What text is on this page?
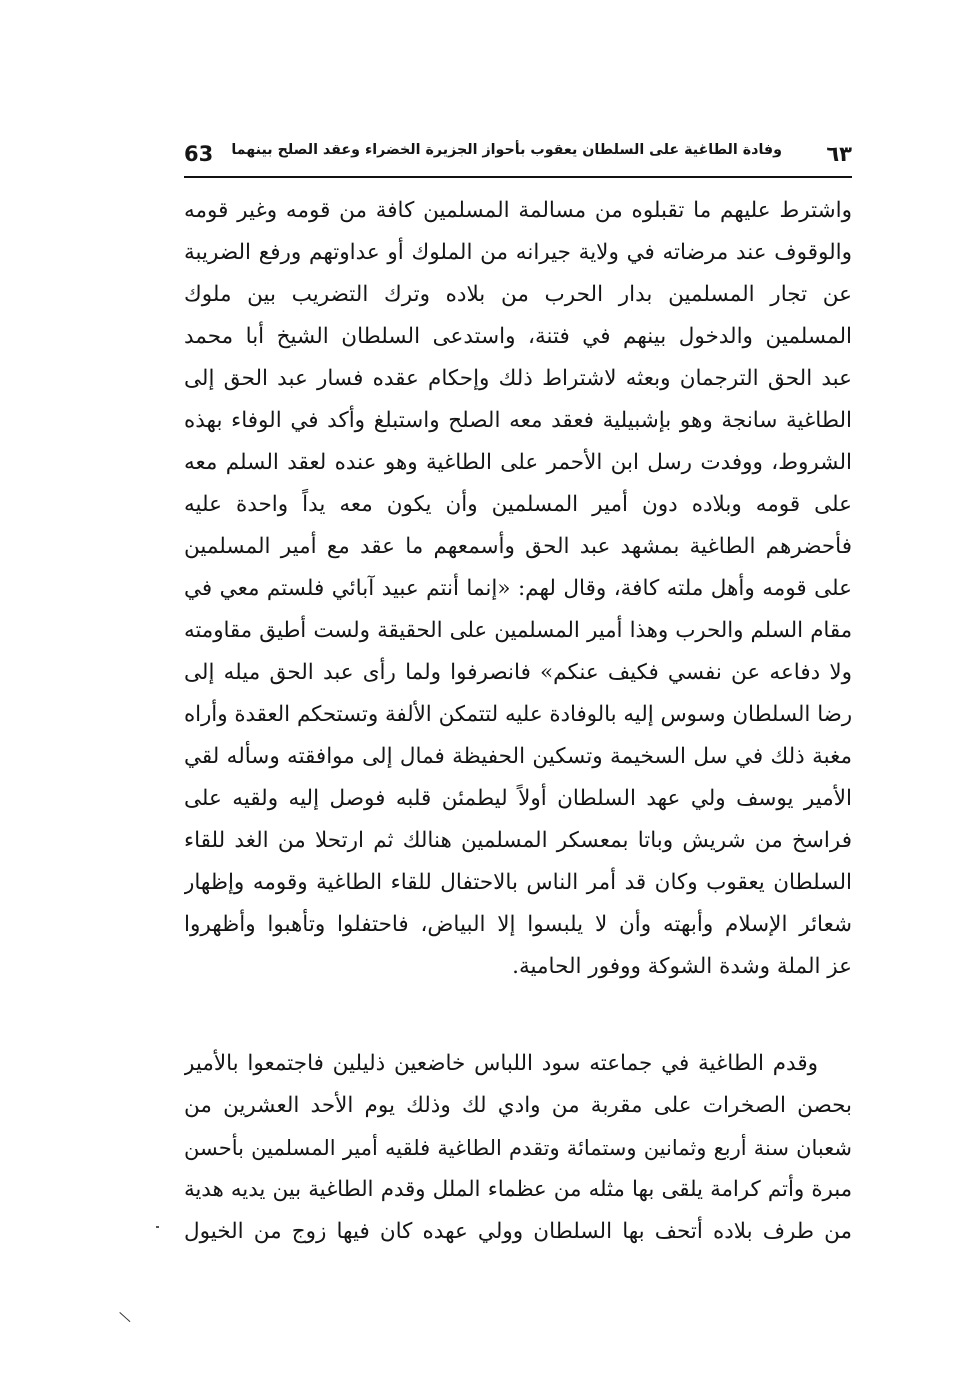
63 وفادة الطاغية على السلطان يعقوب بأحواز الجزيرة الخضراء وعقد الصلح بينهما ٦٣
واشترط عليهم ما تقبلوه من مسالمة المسلمين كافة من قومه وغير قومه
والوقوف عند مرضاته في ولاية جيرانه من الملوك أو عداوتهم ورفع الضريبة
عن تجار المسلمين بدار الحرب من بلاده وترك التضريب بين ملوك
المسلمين والدخول بينهم في فتنة، واستدعى السلطان الشيخ أبا محمد
عبد الحق الترجمان وبعثه لاشتراط ذلك وإحكام عقده فسار عبد الحق إلى
الطاغية سانجة وهو بإشبيلية فعقد معه الصلح واستبلغ وأكد في الوفاء بهذه
الشروط، ووفدت رسل ابن الأحمر على الطاغية وهو عنده لعقد السلم معه
على قومه وبلاده دون أمير المسلمين وأن يكون معه يداً واحدة عليه
فأحضرهم الطاغية بمشهد عبد الحق وأسمعهم ما عقد مع أمير المسلمين
على قومه وأهل ملته كافة، وقال لهم: «إنما أنتم عبيد آبائي فلستم معي في
مقام السلم والحرب وهذا أمير المسلمين على الحقيقة ولست أطيق مقاومته
ولا دفاعه عن نفسي فكيف عنكم» فانصرفوا ولما رأى عبد الحق ميله إلى
رضا السلطان وسوس إليه بالوفادة عليه لتتمكن الألفة وتستحكم العقدة وأراه
مغبة ذلك في سل السخيمة وتسكين الحفيظة فمال إلى موافقته وسأله لقي
الأمير يوسف ولي عهد السلطان أولاً ليطمئن قلبه فوصل إليه ولقيه على
فراسخ من شريش وباتا بمعسكر المسلمين هنالك ثم ارتحلا من الغد للقاء
السلطان يعقوب وكان قد أمر الناس بالاحتفال للقاء الطاغية وقومه وإظهار
شعائر الإسلام وأبهته وأن لا يلبسوا إلا البياض، فاحتفلوا وتأهبوا وأظهروا
عز الملة وشدة الشوكة ووفور الحامية.
وقدم الطاغية في جماعته سود اللباس خاضعين ذليلين فاجتمعوا بالأمير
بحصن الصخرات على مقربة من وادي لك وذلك يوم الأحد العشرين من
شعبان سنة أربع وثمانين وستمائة وتقدم الطاغية فلقيه أمير المسلمين بأحسن
مبرة وأتم كرامة يلقى بها مثله من عظماء الملل وقدم الطاغية بين يديه هدية
من طرف بلاده أتحف بها السلطان وولي عهده كان فيها زوج من الخيول
